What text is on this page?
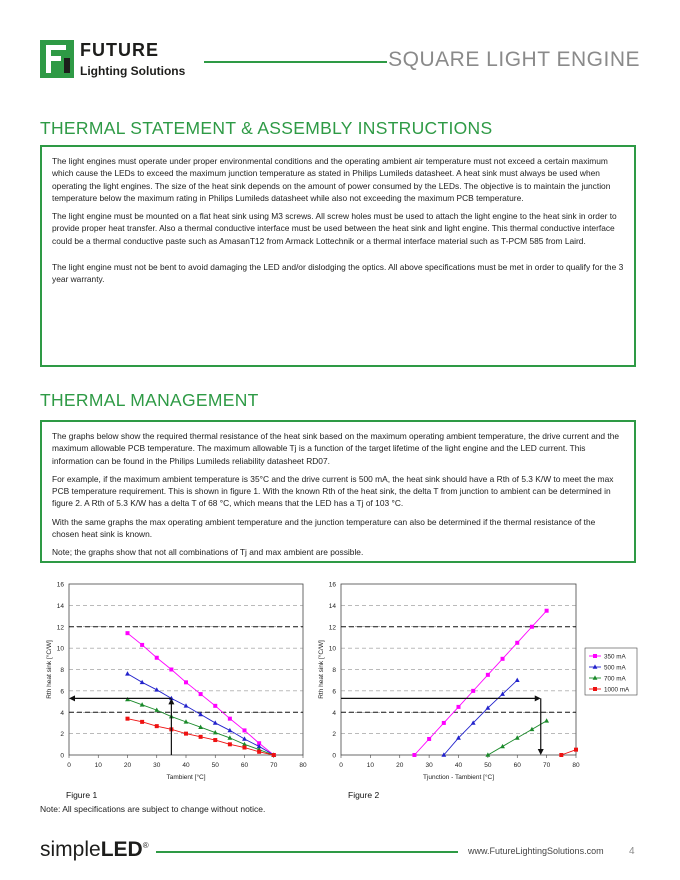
FUTURE
Lighting Solutions	SQUARE LIGHT ENGINE
THERMAL STATEMENT & ASSEMBLY INSTRUCTIONS

The light engines must operate under proper environmental conditions and the operating ambient air temperature must not exceed a certain maximum which cause the LEDs to exceed the maximum junction temperature as stated in Philips Lumileds datasheet. A heat sink must always be used when operating the light engines. The size of the heat sink depends on the amount of power consumed by the LEDs. The objective is to maintain the junction temperature below the maximum rating in Philips Lumileds datasheet while also not exceeding the maximum PCB temperature.

The light engine must be mounted on a flat heat sink using M3 screws. All screw holes must be used to attach the light engine to the heat sink in order to provide proper heat transfer. Also a thermal conductive interface must be used between the heat sink and light engine. This thermal conductive interface could be a thermal conductive paste such as AmasanT12 from Armack Lottechnik or a thermal interface material such as T-PCM 585 from Laird.

The light engine must not be bent to avoid damaging the LED and/or dislodging the optics. All above specifications must be met in order to qualify for the 3 year warranty.

THERMAL MANAGEMENT

The graphs below show the required thermal resistance of the heat sink based on the maximum operating ambient temperature, the drive current and the maximum allowable PCB temperature. The maximum allowable Tj is a function of the target lifetime of the light engine and the LED current. This information can be found in the Philips Lumileds reliability datasheet RD07.

For example, if the maximum ambient temperature is 35°C and the drive current is 500 mA, the heat sink should have a Rth of 5.3 K/W to meet the max PCB temperature requirement. This is shown in figure 1. With the known Rth of the heat sink, the delta T from junction to ambient can be determined in figure 2. A Rth of 5.3 K/W has a delta T of 68 °C, which means that the LED has a Tj of 103 °C.

With the same graphs the max operating ambient temperature and the junction temperature can also be determined if the thermal resistance of the chosen heat sink is known.

Note; the graphs show that not all combinations of Tj and max ambient are possible.

0
2
4
6
8
10
12
14
16
0	10	20	30	40	50	60	70	80
Tambient [°C]
Rth heat sink [°C/W]
Figure 1
0
2
4
6
8
10
12
14
16
0	10	20	30	40	50	60	70	80
Tjunction - Tambient [°C]
Rth heat sink [°C/W]
Figure 2
350 mA
500 mA
700 mA
1000 mA
Note: All specifications are subject to change without notice.
simpleLED®
www.FutureLightingSolutions.com	4
